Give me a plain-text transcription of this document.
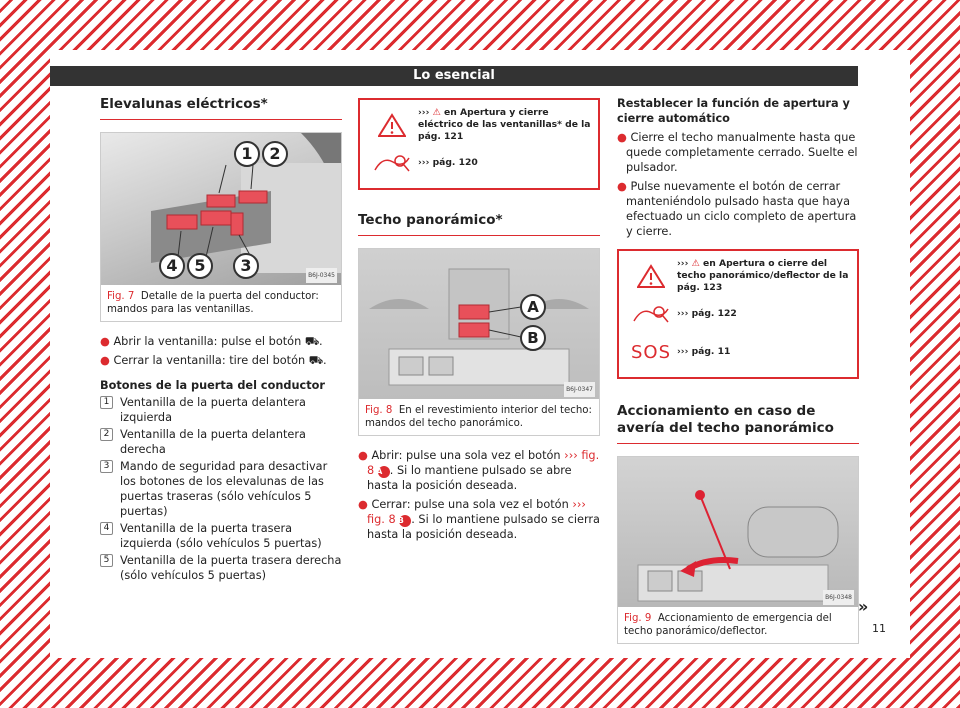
Lo esencial
Elevalunas eléctricos*
1	2
3
4	5
B6J-0345
Fig. 7 Detalle de la puerta del conductor: mandos para las ventanillas.
● Abrir la ventanilla: pulse el botón ⛟.
● Cerrar la ventanilla: tire del botón ⛟.
Botones de la puerta del conductor
1 Ventanilla de la puerta delantera izquierda
2 Ventanilla de la puerta delantera derecha
3 Mando de seguridad para desactivar los botones de los elevalunas de las puertas traseras (sólo vehículos 5 puertas)
4 Ventanilla de la puerta trasera izquierda (sólo vehículos 5 puertas)
5 Ventanilla de la puerta trasera derecha (sólo vehículos 5 puertas)
››› ⚠ en Apertura y cierre eléctrico de las ventanillas* de la pág. 121
››› pág. 120
Techo panorámico*
A
B
B6J-0347
Fig. 8 En el revestimiento interior del techo: mandos del techo panorámico.
● Abrir: pulse una sola vez el botón ››› fig. 8 A . Si lo mantiene pulsado se abre hasta la posición deseada.
● Cerrar: pulse una sola vez el botón ››› fig. 8 B . Si lo mantiene pulsado se cierra hasta la posición deseada.
Restablecer la función de apertura y cierre automático
● Cierre el techo manualmente hasta que quede completamente cerrado. Suelte el pulsador.
● Pulse nuevamente el botón de cerrar manteniéndolo pulsado hasta que haya efectuado un ciclo completo de apertura y cierre.
››› ⚠ en Apertura o cierre del techo panorámico/deflector de la pág. 123
››› pág. 122
SOS ››› pág. 11
Accionamiento en caso de avería del techo panorámico
B6J-0348
Fig. 9 Accionamiento de emergencia del techo panorámico/deflector.
»
11
